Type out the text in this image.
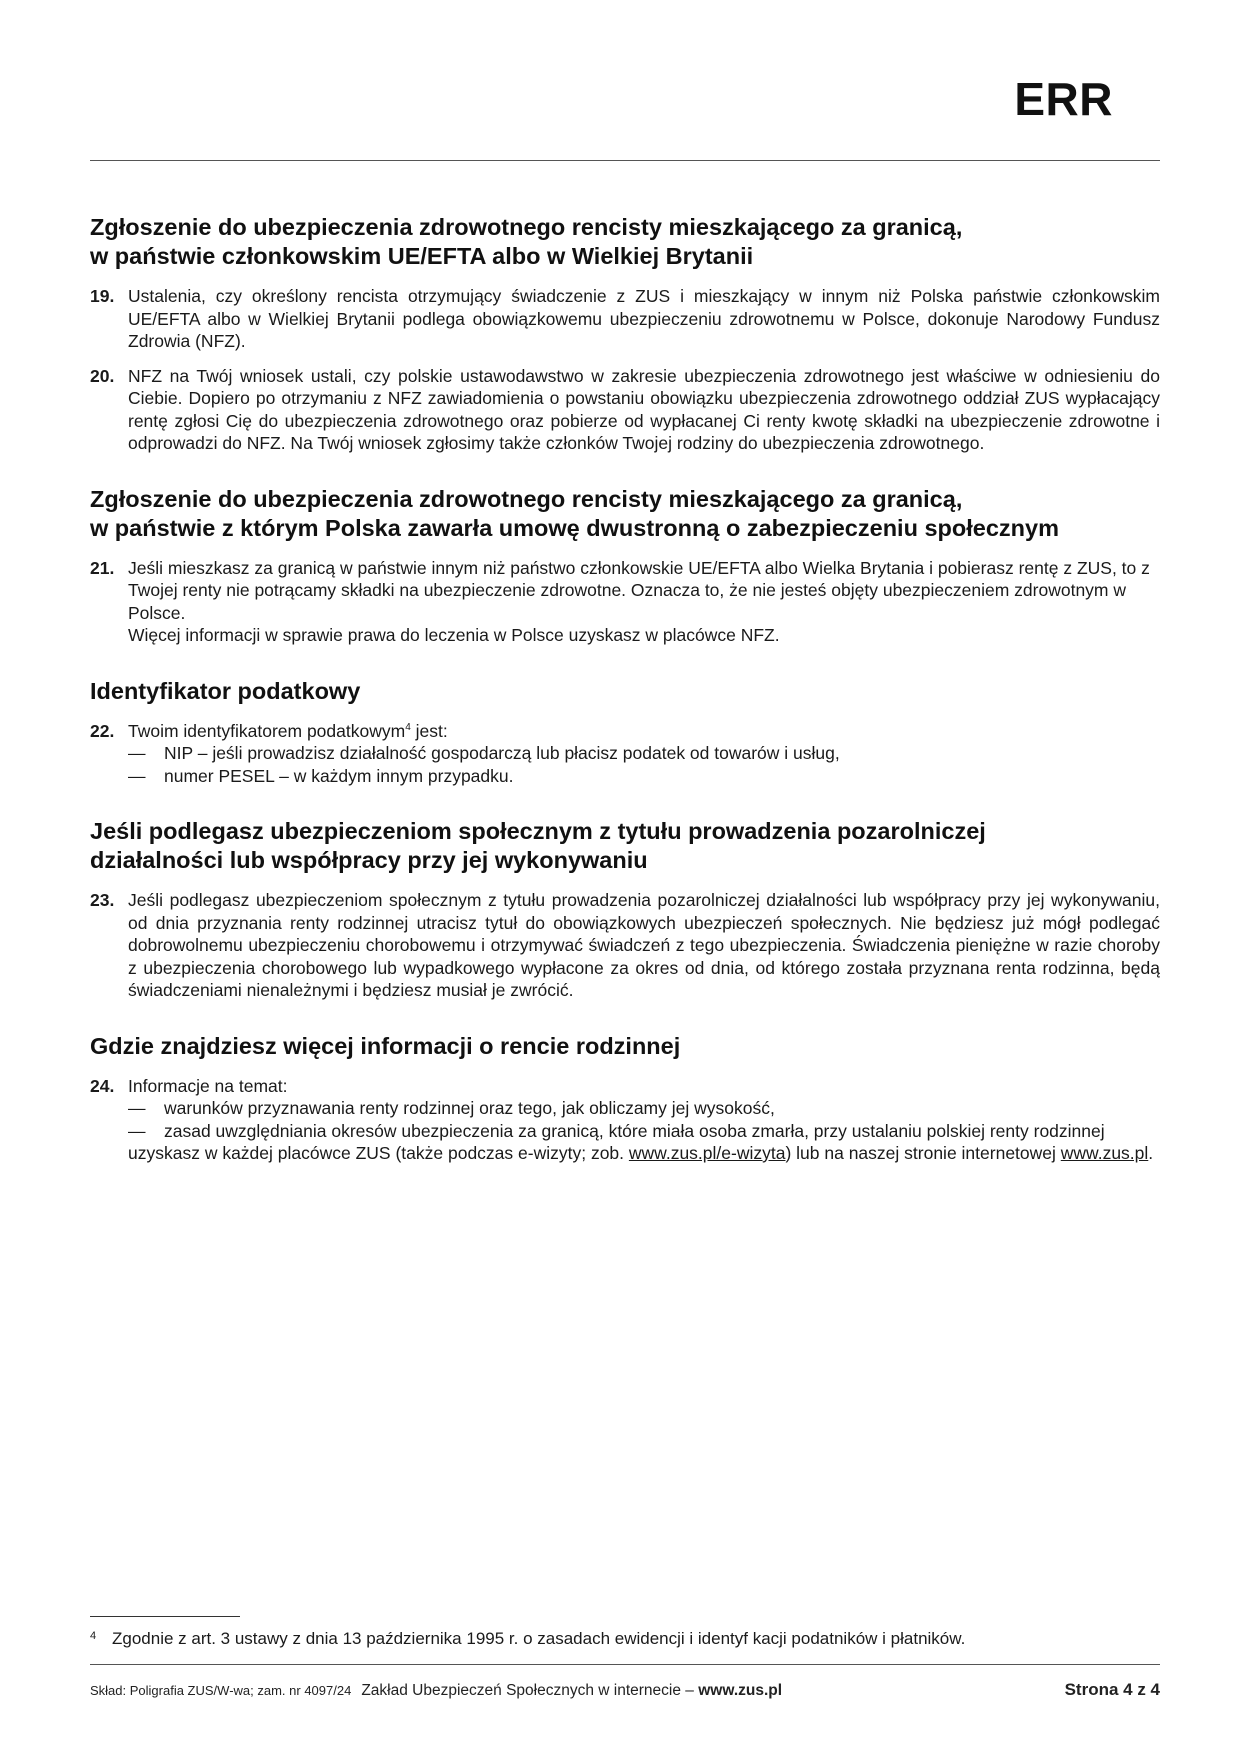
ERR
Zgłoszenie do ubezpieczenia zdrowotnego rencisty mieszkającego za granicą,
w państwie członkowskim UE/EFTA albo w Wielkiej Brytanii
19. Ustalenia, czy określony rencista otrzymujący świadczenie z ZUS i mieszkający w innym niż Polska państwie członkowskim UE/EFTA albo w Wielkiej Brytanii podlega obowiązkowemu ubezpieczeniu zdrowotnemu w Polsce, dokonuje Narodowy Fundusz Zdrowia (NFZ).
20. NFZ na Twój wniosek ustali, czy polskie ustawodawstwo w zakresie ubezpieczenia zdrowotnego jest właściwe w odniesieniu do Ciebie. Dopiero po otrzymaniu z NFZ zawiadomienia o powstaniu obowiązku ubezpieczenia zdrowotnego oddział ZUS wypłacający rentę zgłosi Cię do ubezpieczenia zdrowotnego oraz pobierze od wypłacanej Ci renty kwotę składki na ubezpieczenie zdrowotne i odprowadzi do NFZ. Na Twój wniosek zgłosimy także członków Twojej rodziny do ubezpieczenia zdrowotnego.
Zgłoszenie do ubezpieczenia zdrowotnego rencisty mieszkającego za granicą,
w państwie z którym Polska zawarła umowę dwustronną o zabezpieczeniu społecznym
21. Jeśli mieszkasz za granicą w państwie innym niż państwo członkowskie UE/EFTA albo Wielka Brytania i pobierasz rentę z ZUS, to z Twojej renty nie potrącamy składki na ubezpieczenie zdrowotne. Oznacza to, że nie jesteś objęty ubezpieczeniem zdrowotnym w Polsce.
Więcej informacji w sprawie prawa do leczenia w Polsce uzyskasz w placówce NFZ.
Identyfikator podatkowy
22. Twoim identyfikatorem podatkowym$^4$ jest:
—	NIP – jeśli prowadzisz działalność gospodarczą lub płacisz podatek od towarów i usług,
—	numer PESEL – w każdym innym przypadku.
Jeśli podlegasz ubezpieczeniom społecznym z tytułu prowadzenia pozarolniczej
działalności lub współpracy przy jej wykonywaniu
23. Jeśli podlegasz ubezpieczeniom społecznym z tytułu prowadzenia pozarolniczej działalności lub współpracy przy jej wykonywaniu, od dnia przyznania renty rodzinnej utracisz tytuł do obowiązkowych ubezpieczeń społecznych. Nie będziesz już mógł podlegać dobrowolnemu ubezpieczeniu chorobowemu i otrzymywać świadczeń z tego ubezpieczenia. Świadczenia pieniężne w razie choroby z ubezpieczenia chorobowego lub wypadkowego wypłacone za okres od dnia, od którego została przyznana renta rodzinna, będą świadczeniami nienależnymi i będziesz musiał je zwrócić.
Gdzie znajdziesz więcej informacji o rencie rodzinnej
24. Informacje na temat:
—	warunków przyznawania renty rodzinnej oraz tego, jak obliczamy jej wysokość,
—	zasad uwzględniania okresów ubezpieczenia za granicą, które miała osoba zmarła, przy ustalaniu polskiej renty rodzinnej
uzyskasz w każdej placówce ZUS (także podczas e-wizyty; zob. www.zus.pl/e-wizyta) lub na naszej stronie internetowej www.zus.pl.
4 Zgodnie z art. 3 ustawy z dnia 13 października 1995 r. o zasadach ewidencji i identyf kacji podatników i płatników.
Skład: Poligrafia ZUS/W-wa; zam. nr 4097/24 Zakład Ubezpieczeń Społecznych w internecie – www.zus.pl	Strona 4 z 4
